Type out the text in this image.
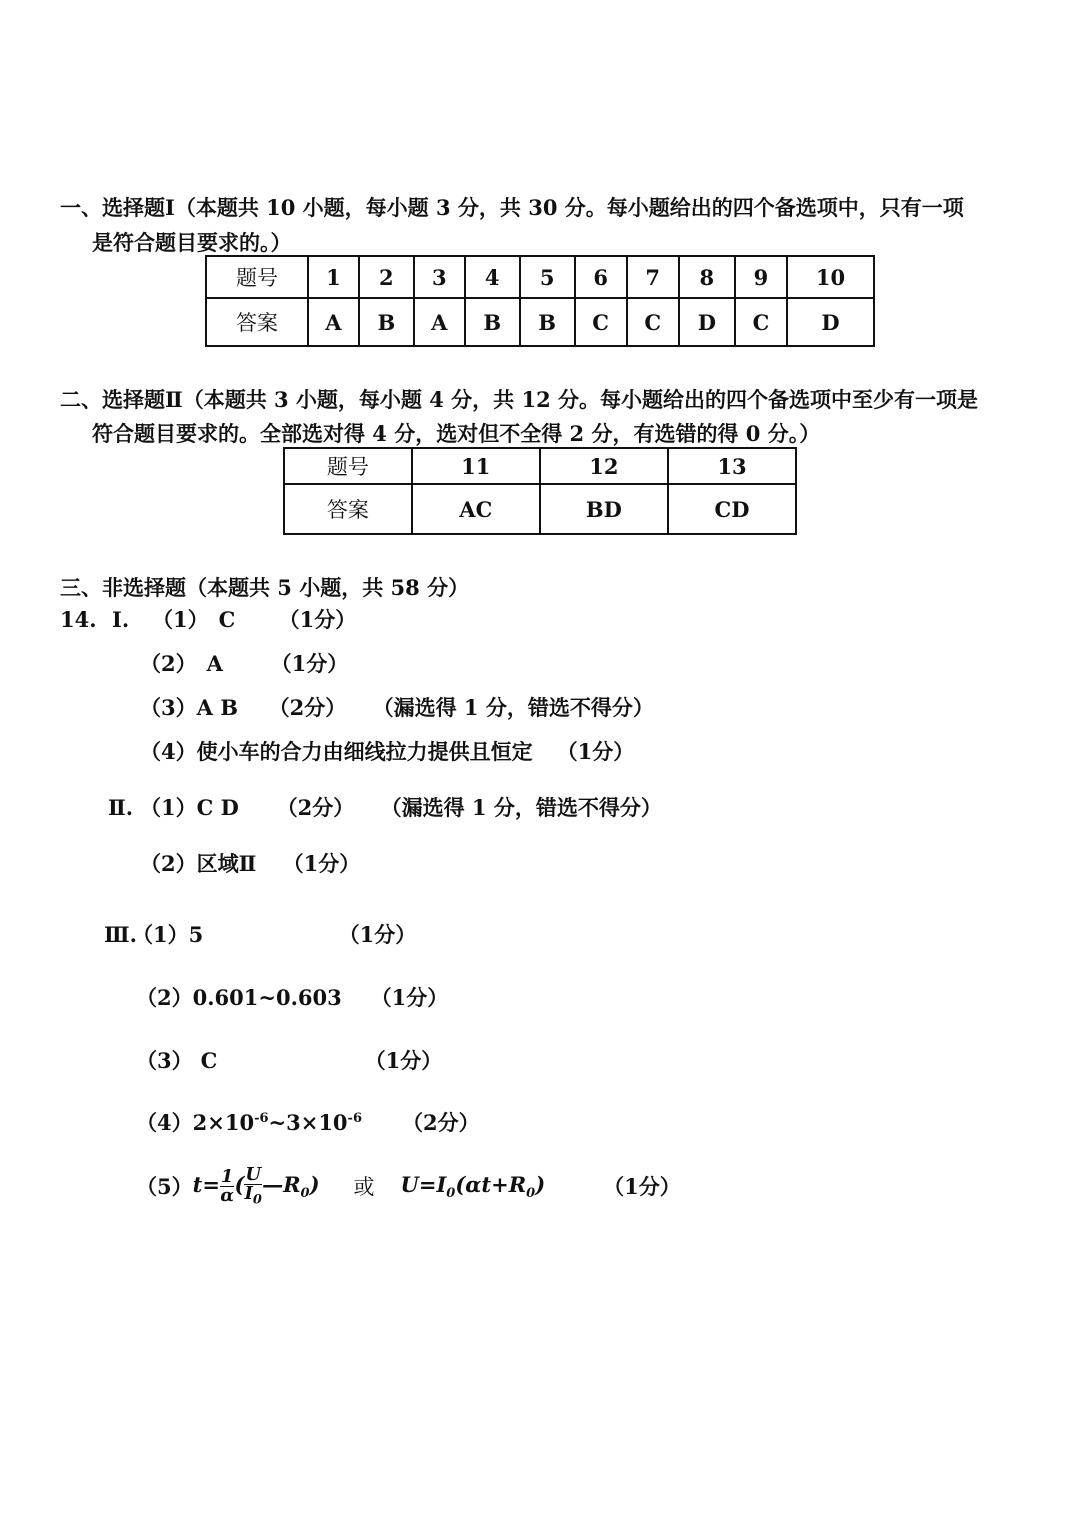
一、选择题Ⅰ（本题共 10 小题，每小题 3 分，共 30 分。每小题给出的四个备选项中，只有一项
是符合题目要求的。）
题号	1	2	3	4	5	6	7	8	9	10
答案	A	B	A	B	B	C	C	D	C	D
二、选择题Ⅱ（本题共 3 小题，每小题 4 分，共 12 分。每小题给出的四个备选项中至少有一项是
符合题目要求的。全部选对得 4 分，选对但不全得 2 分，有选错的得 0 分。）
题号	11	12	13
答案	AC	BD	CD
三、非选择题（本题共 5 小题，共 58 分）
14. Ⅰ. （1） C （1分）
（2） A （1分）
（3）A B （2分） （漏选得 1 分，错选不得分）
（4）使小车的合力由细线拉力提供且恒定 （1分）
Ⅱ. （1）C D （2分） （漏选得 1 分，错选不得分）
（2）区域Ⅱ （1分）
Ⅲ.（1）5	（1分）
（2）0.601~0.603 （1分）
（3） C	（1分）
$(4)2\times 10^{-6}\sim 3\times 10^{-6}$ （2分）
$(5)t= \frac{1}{\alpha}$ ( $\frac{U}{I_0}$ $—R_0$) 或 $U=I_0(\alpha t+R_0)$	（1分）
